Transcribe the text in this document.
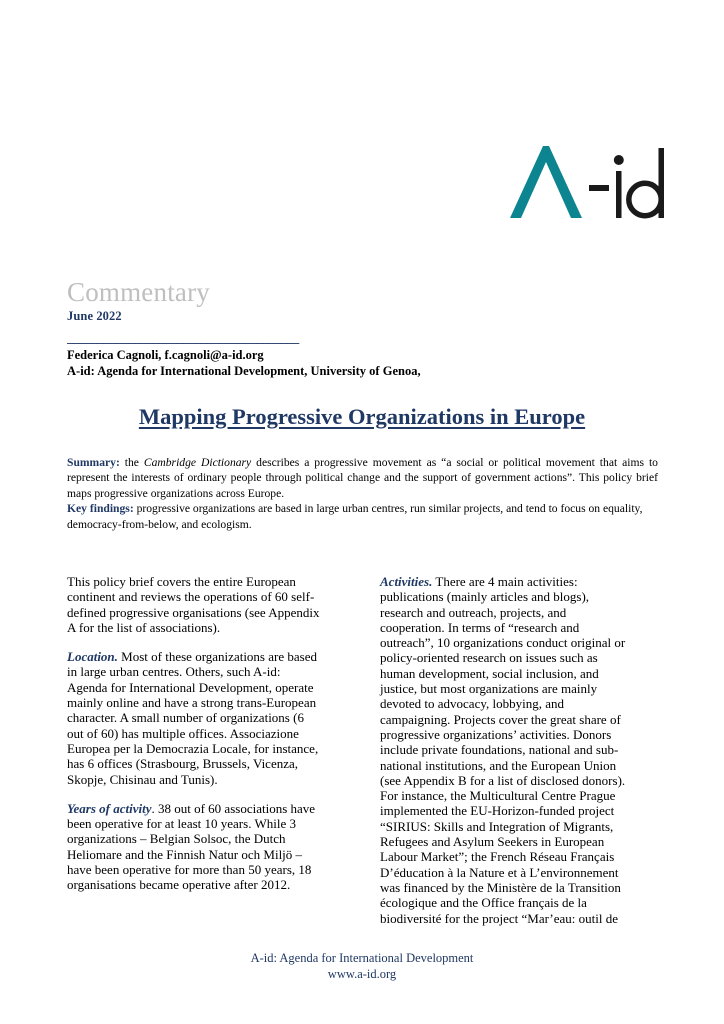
Commentary
June 2022
______________________________________
Federica Cagnoli, f.cagnoli@a-id.org
A-id: Agenda for International Development, University of Genoa,
Mapping Progressive Organizations in Europe

Summary: the Cambridge Dictionary describes a progressive movement as “a social or political movement that aims to represent the interests of ordinary people through political change and the support of government actions”. This policy brief maps progressive organizations across Europe.

Key findings: progressive organizations are based in large urban centres, run similar projects, and tend to focus on equality, democracy-from-below, and ecologism.

This policy brief covers the entire European continent and reviews the operations of 60 self-defined progressive organisations (see Appendix A for the list of associations).

Location. Most of these organizations are based in large urban centres. Others, such A-id: Agenda for International Development, operate mainly online and have a strong trans-European character. A small number of organizations (6 out of 60) has multiple offices. Associazione Europea per la Democrazia Locale, for instance, has 6 offices (Strasbourg, Brussels, Vicenza, Skopje, Chisinau and Tunis).

Years of activity. 38 out of 60 associations have been operative for at least 10 years. While 3 organizations – Belgian Solsoc, the Dutch Heliomare and the Finnish Natur och Miljö – have been operative for more than 50 years, 18 organisations became operative after 2012.

Activities. There are 4 main activities: publications (mainly articles and blogs), research and outreach, projects, and cooperation. In terms of “research and outreach”, 10 organizations conduct original or policy-oriented research on issues such as human development, social inclusion, and justice, but most organizations are mainly devoted to advocacy, lobbying, and campaigning. Projects cover the great share of progressive organizations’ activities. Donors include private foundations, national and sub-national institutions, and the European Union (see Appendix B for a list of disclosed donors). For instance, the Multicultural Centre Prague implemented the EU-Horizon-funded project “SIRIUS: Skills and Integration of Migrants, Refugees and Asylum Seekers in European Labour Market”; the French Réseau Français D’éducation à la Nature et à L’environnement was financed by the Ministère de la Transition écologique and the Office français de la biodiversité for the project “Mar’eau: outil de

A-id: Agenda for International Development
www.a-id.org
